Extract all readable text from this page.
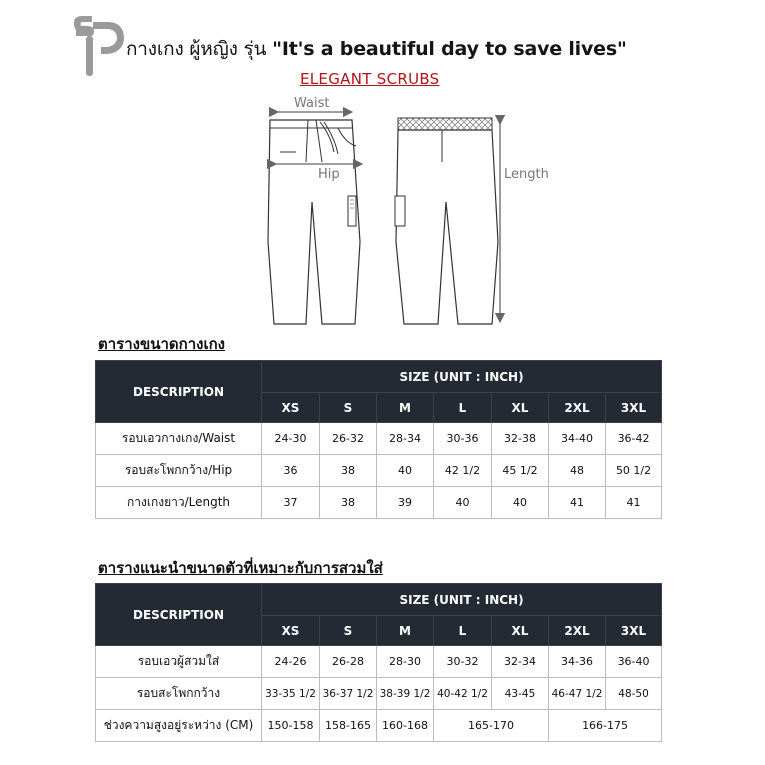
กางเกง ผู้หญิง รุ่น "It's a beautiful day to save lives"
ELEGANT SCRUBS
Waist
Hip	Length
ตารางขนาดกางเกง
DESCRIPTION	SIZE (UNIT : INCH)						
	XS	S	M	L	XL	2XL	3XL
รอบเอวกางเกง/Waist	24-30	26-32	28-34	30-36	32-38	34-40	36-42
รอบสะโพกกว้าง/Hip	36	38	40	42 1/2	45 1/2	48	50 1/2
กางเกงยาว/Length	37	38	39	40	40	41	41
ตารางแนะนำขนาดตัวที่เหมาะกับการสวมใส่
DESCRIPTION	SIZE (UNIT : INCH)						
	XS	S	M	L	XL	2XL	3XL
รอบเอวผู้สวมใส่	24-26	26-28	28-30	30-32	32-34	34-36	36-40
รอบสะโพกกว้าง	33-35 1/2	36-37 1/2	38-39 1/2	40-42 1/2	43-45	46-47 1/2	48-50
ช่วงความสูงอยู่ระหว่าง (CM)	150-158	158-165	160-168	165-170		166-175	
